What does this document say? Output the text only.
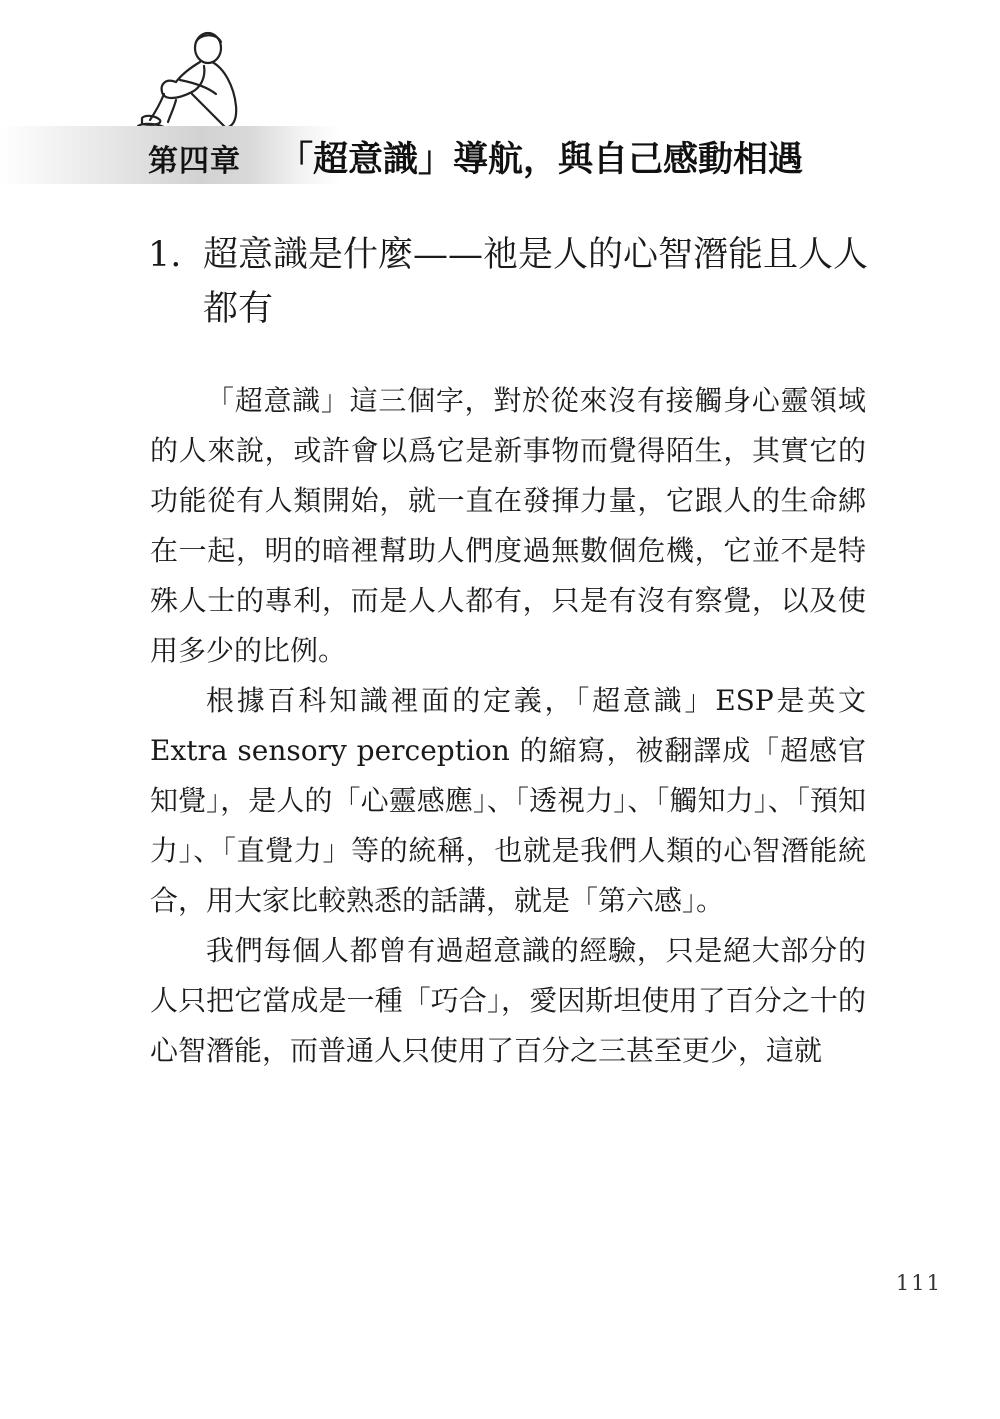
第四章 「超意識」導航，與自己感動相遇
1. 超意識是什麼——祂是人的心智潛能且人人
都有

「超意識」這三個字，對於從來沒有接觸身心靈領域的人來說，或許會以爲它是新事物而覺得陌生，其實它的功能從有人類開始，就一直在發揮力量，它跟人的生命綁在一起，明的暗裡幫助人們度過無數個危機，它並不是特殊人士的專利，而是人人都有，只是有沒有察覺，以及使用多少的比例。

根據百科知識裡面的定義，「超意識」ESP是英文Extra sensory perception 的縮寫，被翻譯成「超感官知覺」，是人的「心靈感應」、「透視力」、「觸知力」、「預知力」、「直覺力」等的統稱，也就是我們人類的心智潛能統合，用大家比較熟悉的話講，就是「第六感」。

我們每個人都曾有過超意識的經驗，只是絕大部分的人只把它當成是一種「巧合」，愛因斯坦使用了百分之十的心智潛能，而普通人只使用了百分之三甚至更少，這就

111
